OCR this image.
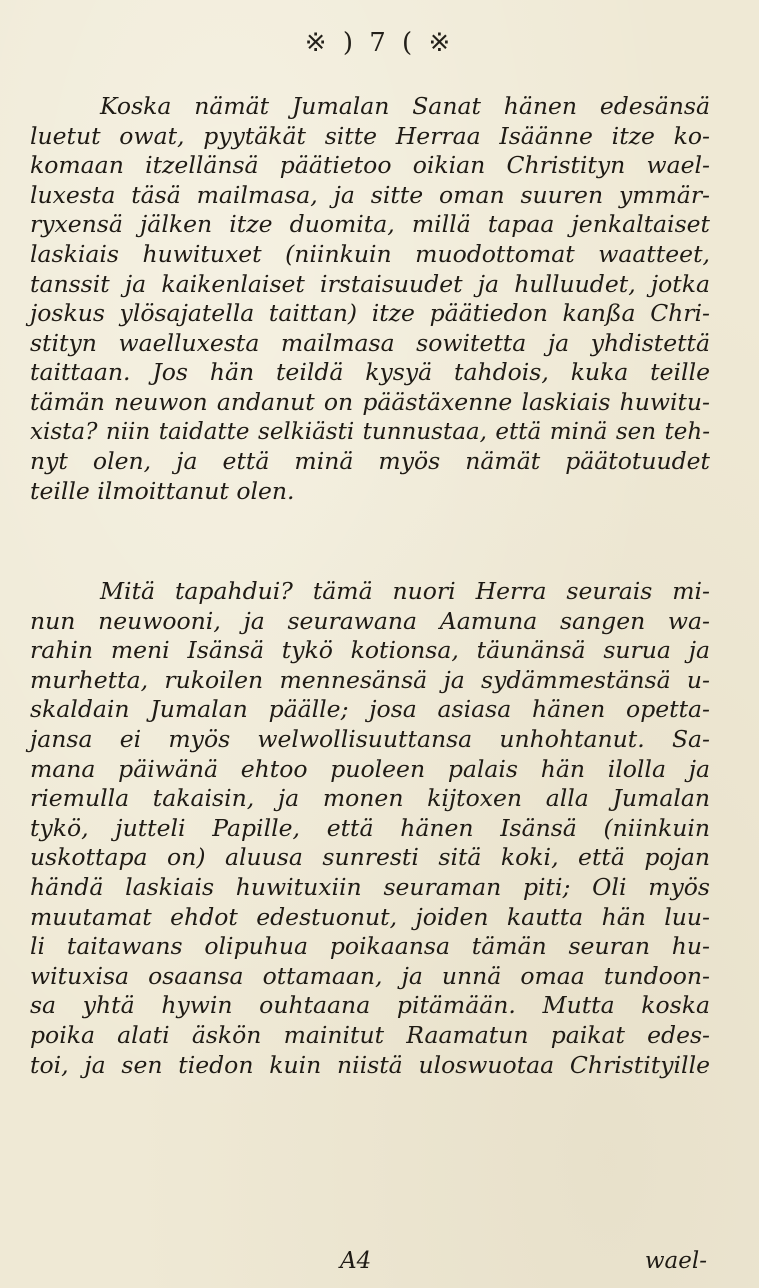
※ ) 7 ( ※
Koska nämät Jumalan Sanat hänen edesänsä
luetut owat, pyytäkät sitte Herraa Isäänne itze ko-
komaan itzellänsä päätietoo oikian Christityn wael-
luxesta täsä mailmasa, ja sitte oman suuren ymmär-
ryxensä jälken itze duomita, millä tapaa jenkaltaiset
laskiais huwituxet (niinkuin muodottomat waatteet,
tanssit ja kaikenlaiset irstaisuudet ja hulluudet, jotka
joskus ylösajatella taittan) itze päätiedon kanßa Chri-
stityn waelluxesta mailmasa sowitetta ja yhdistettä
taittaan. Jos hän teildä kysyä tahdois, kuka teille
tämän neuwon andanut on päästäxenne laskiais huwitu-
xista? niin taidatte selkiästi tunnustaa, että minä sen teh-
nyt olen, ja että minä myös nämät päätotuudet
teille ilmoittanut olen.
Mitä tapahdui? tämä nuori Herra seurais mi-
nun neuwooni, ja seurawana Aamuna sangen wa-
rahin meni Isänsä tykö kotionsa, täunänsä surua ja
murhetta, rukoilen mennesänsä ja sydämmestänsä u-
skaldain Jumalan päälle; josa asiasa hänen opetta-
jansa ei myös welwollisuuttansa unhohtanut. Sa-
mana päiwänä ehtoo puoleen palais hän ilolla ja
riemulla takaisin, ja monen kijtoxen alla Jumalan
tykö, jutteli Papille, että hänen Isänsä (niinkuin
uskottapa on) aluusa sunresti sitä koki, että pojan
händä laskiais huwituxiin seuraman piti; Oli myös
muutamat ehdot edestuonut, joiden kautta hän luu-
li taitawans olipuhua poikaansa tämän seuran hu-
wituxisa osaansa ottamaan, ja unnä omaa tundoon-
sa yhtä hywin ouhtaana pitämään. Mutta koska
poika alati äskön mainitut Raamatun paikat edes-
toi, ja sen tiedon kuin niistä uloswuotaa Christityille
A4	wael-
